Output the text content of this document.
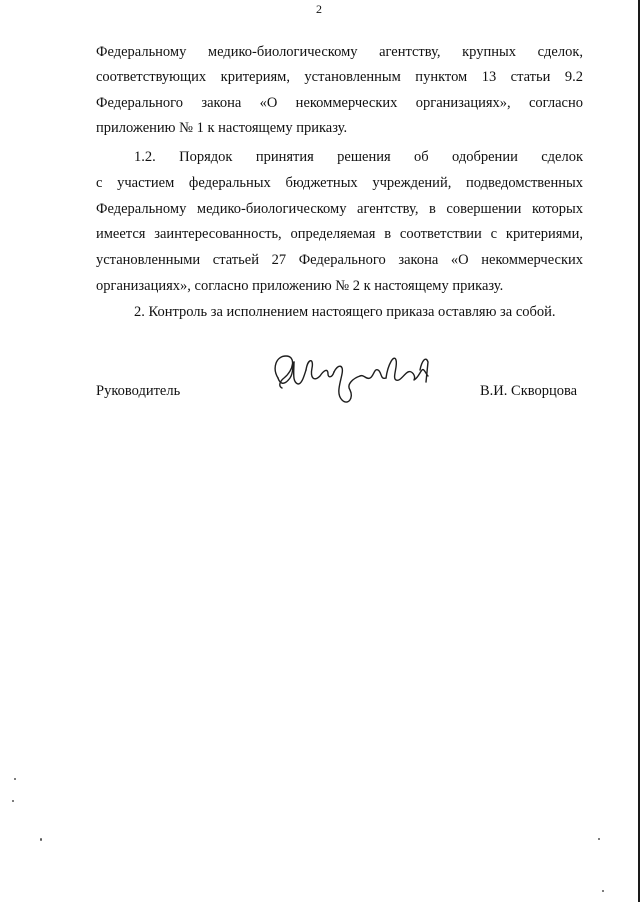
2
Федеральному медико-биологическому агентству, крупных сделок,
соответствующих критериям, установленным пунктом 13 статьи 9.2
Федерального закона «О некоммерческих организациях», согласно
приложению № 1 к настоящему приказу.
1.2. Порядок принятия решения об одобрении сделок
с участием федеральных бюджетных учреждений, подведомственных
Федеральному медико-биологическому агентству, в совершении которых
имеется заинтересованность, определяемая в соответствии с критериями,
установленными статьей 27 Федерального закона «О некоммерческих
организациях», согласно приложению № 2 к настоящему приказу.
2. Контроль за исполнением настоящего приказа оставляю за собой.
Руководитель	В.И. Скворцова
